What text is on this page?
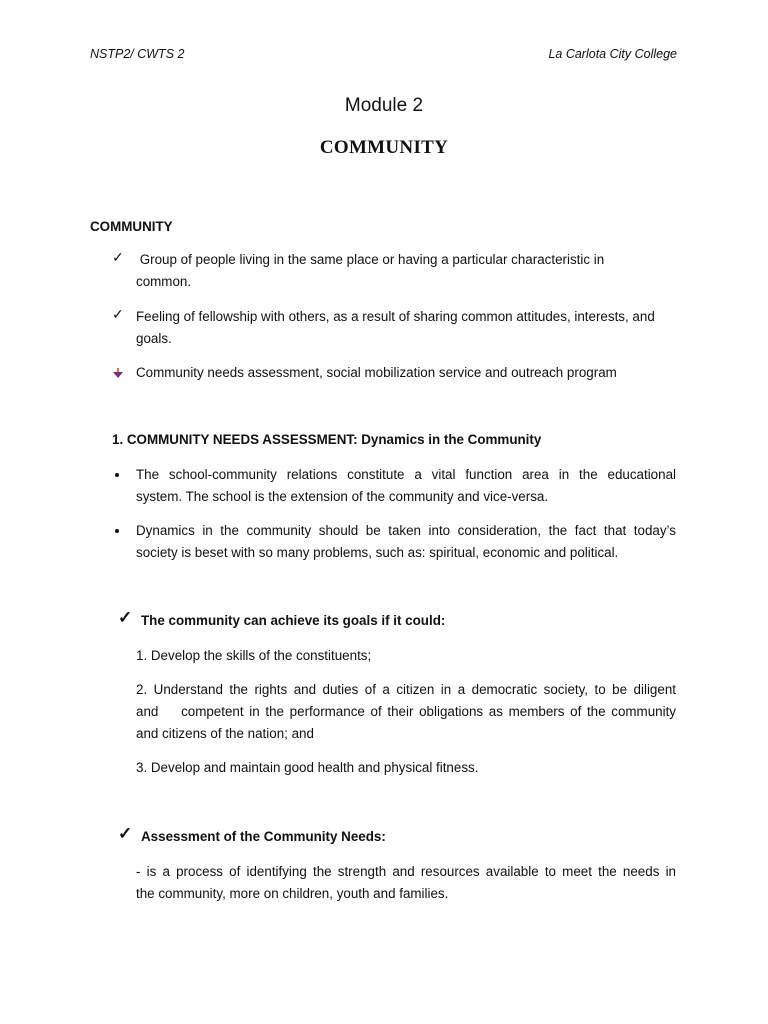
NSTP2/ CWTS 2	La Carlota City College
Module 2
COMMUNITY
COMMUNITY
✓ Group of people living in the same place or having a particular characteristic in
common.
✓ Feeling of fellowship with others, as a result of sharing common attitudes, interests, and
goals.
Community needs assessment, social mobilization service and outreach program
1. COMMUNITY NEEDS ASSESSMENT: Dynamics in the Community
The school-community relations constitute a vital function area in the educational
system. The school is the extension of the community and vice-versa.
Dynamics in the community should be taken into consideration, the fact that today’s
society is beset with so many problems, such as: spiritual, economic and political.
✓ The community can achieve its goals if it could:
1. Develop the skills of the constituents;
2. Understand the rights and duties of a citizen in a democratic society, to be diligent
and    competent in the performance of their obligations as members of the community
and citizens of the nation; and
3. Develop and maintain good health and physical fitness.
✓ Assessment of the Community Needs:
- is a process of identifying the strength and resources available to meet the needs in
the community, more on children, youth and families.
